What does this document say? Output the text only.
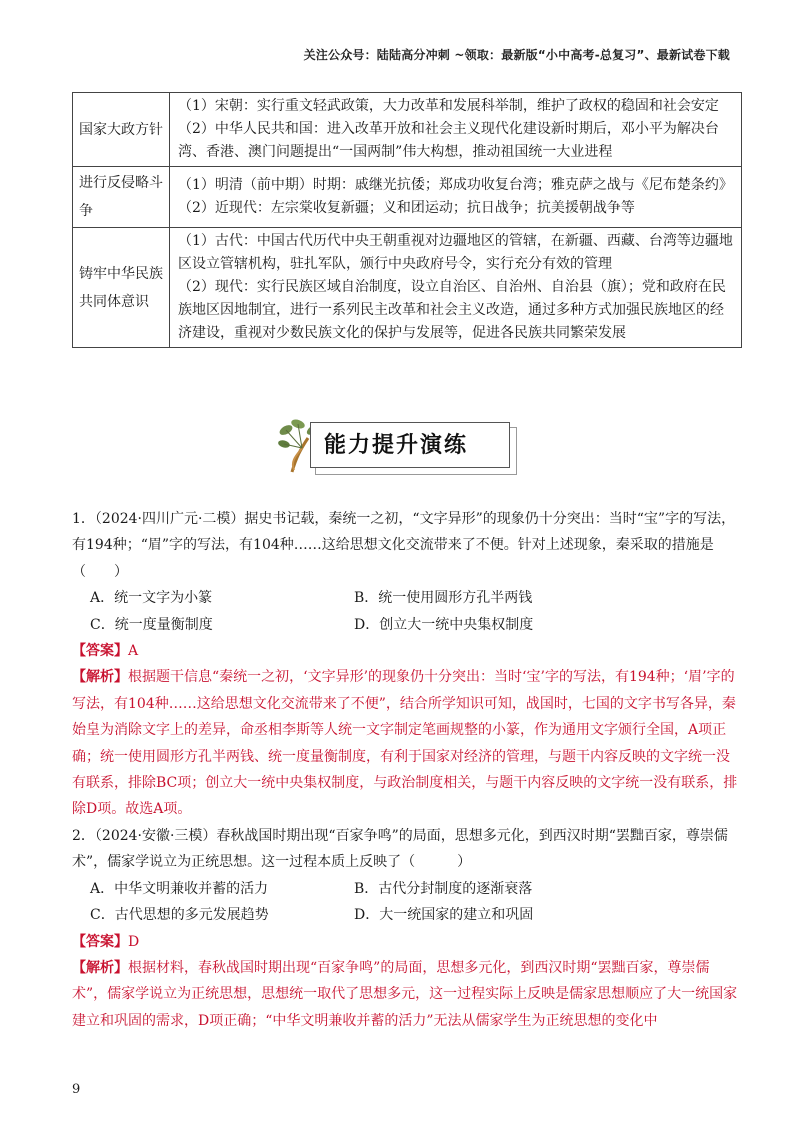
关注公众号：陆陆高分冲刺 ~领取：最新版“小中高考-总复习”、最新试卷下载
国家大政方针	（1）宋朝：实行重文轻武政策，大力改革和发展科举制，维护了政权的稳固和社会安定
（2）中华人民共和国：进入改革开放和社会主义现代化建设新时期后，邓小平为解决台湾、香港、澳门问题提出“一国两制”伟大构想，推动祖国统一大业进程

进行反侵略斗争	（1）明清（前中期）时期：戚继光抗倭；郑成功收复台湾；雅克萨之战与《尼布楚条约》
（2）近现代：左宗棠收复新疆；义和团运动；抗日战争；抗美援朝战争等

铸牢中华民族共同体意识	（1）古代：中国古代历代中央王朝重视对边疆地区的管辖，在新疆、西藏、台湾等边疆地区设立管辖机构，驻扎军队，颁行中央政府号令，实行充分有效的管理
（2）现代：实行民族区域自治制度，设立自治区、自治州、自治县（旗）；党和政府在民族地区因地制宜，进行一系列民主改革和社会主义改造，通过多种方式加强民族地区的经济建设，重视对少数民族文化的保护与发展等，促进各民族共同繁荣发展
能力提升演练

1．（2024·四川广元·二模）据史书记载，秦统一之初，“文字异形”的现象仍十分突出：当时“宝”字的写法，有194种；“眉”字的写法，有104种……这给思想文化交流带来了不便。针对上述现象，秦采取的措施是（　　）

A．统一文字为小篆	B．统一使用圆形方孔半两钱
C．统一度量衡制度	D．创立大一统中央集权制度
【答案】A
【解析】根据题干信息“秦统一之初，‘文字异形’的现象仍十分突出：当时‘宝’字的写法，有194种；‘眉’字的写法，有104种……这给思想文化交流带来了不便”，结合所学知识可知，战国时，七国的文字书写各异，秦始皇为消除文字上的差异，命丞相李斯等人统一文字制定笔画规整的小篆，作为通用文字颁行全国，A项正确；统一使用圆形方孔半两钱、统一度量衡制度，有利于国家对经济的管理，与题干内容反映的文字统一没有联系，排除BC项；创立大一统中央集权制度，与政治制度相关，与题干内容反映的文字统一没有联系，排除D项。故选A项。

2．（2024·安徽·三模）春秋战国时期出现“百家争鸣”的局面，思想多元化，到西汉时期“罢黜百家，尊崇儒术”，儒家学说立为正统思想。这一过程本质上反映了（　　　）

A．中华文明兼收并蓄的活力	B．古代分封制度的逐渐衰落
C．古代思想的多元发展趋势	D．大一统国家的建立和巩固
【答案】D
【解析】根据材料，春秋战国时期出现“百家争鸣”的局面，思想多元化，到西汉时期“罢黜百家，尊崇儒术”，儒家学说立为正统思想，思想统一取代了思想多元，这一过程实际上反映是儒家思想顺应了大一统国家建立和巩固的需求，D项正确；“中华文明兼收并蓄的活力”无法从儒家学生为正统思想的变化中
9
